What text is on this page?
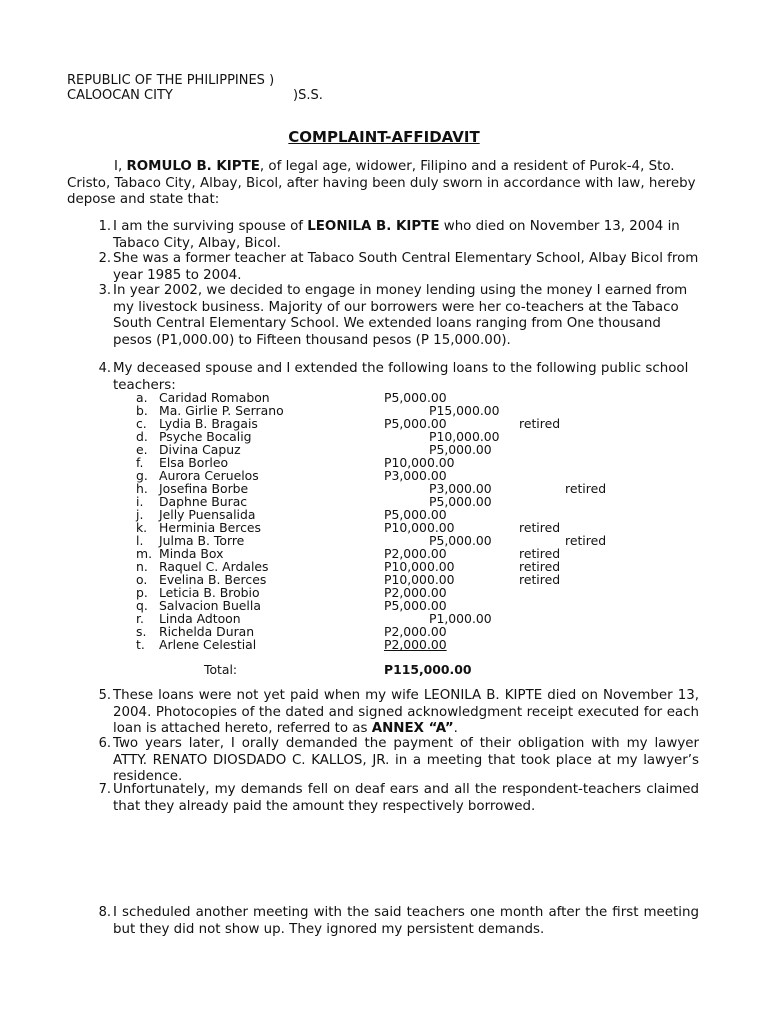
REPUBLIC OF THE PHILIPPINES )
CALOOCAN CITY	)S.S.
COMPLAINT-AFFIDAVIT
I, ROMULO B. KIPTE, of legal age, widower, Filipino and a resident of Purok-4, Sto. Cristo, Tabaco City, Albay, Bicol, after having been duly sworn in accordance with law, hereby depose and state that:
1. I am the surviving spouse of LEONILA B. KIPTE who died on November 13, 2004 in Tabaco City, Albay, Bicol.
2. She was a former teacher at Tabaco South Central Elementary School, Albay Bicol from year 1985 to 2004.
3. In year 2002, we decided to engage in money lending using the money I earned from my livestock business. Majority of our borrowers were her co-teachers at the Tabaco South Central Elementary School. We extended loans ranging from One thousand pesos (P1,000.00) to Fifteen thousand pesos (P 15,000.00).
4. My deceased spouse and I extended the following loans to the following public school teachers:
a. Caridad Romabon	P5,000.00
b. Ma. Girlie P. Serrano	P15,000.00
c. Lydia B. Bragais	P5,000.00	retired
d. Psyche Bocalig	P10,000.00
e. Divina Capuz	P5,000.00
f. Elsa Borleo	P10,000.00
g. Aurora Ceruelos	P3,000.00
h. Josefina Borbe	P3,000.00	retired
i. Daphne Burac	P5,000.00
j. Jelly Puensalida	P5,000.00
k. Herminia Berces	P10,000.00	retired
l. Julma B. Torre	P5,000.00	retired
m. Minda Box	P2,000.00	retired
n. Raquel C. Ardales	P10,000.00	retired
o. Evelina B. Berces	P10,000.00	retired
p. Leticia B. Brobio	P2,000.00
q. Salvacion Buella	P5,000.00
r. Linda Adtoon	P1,000.00
s. Richelda Duran	P2,000.00
t. Arlene Celestial	P2,000.00
Total:	P115,000.00
5. These loans were not yet paid when my wife LEONILA B. KIPTE died on November 13, 2004. Photocopies of the dated and signed acknowledgment receipt executed for each loan is attached hereto, referred to as ANNEX “A”.
6. Two years later, I orally demanded the payment of their obligation with my lawyer ATTY. RENATO DIOSDADO C. KALLOS, JR. in a meeting that took place at my lawyer’s residence.
7. Unfortunately, my demands fell on deaf ears and all the respondent-teachers claimed that they already paid the amount they respectively borrowed.
8. I scheduled another meeting with the said teachers one month after the first meeting but they did not show up. They ignored my persistent demands.
